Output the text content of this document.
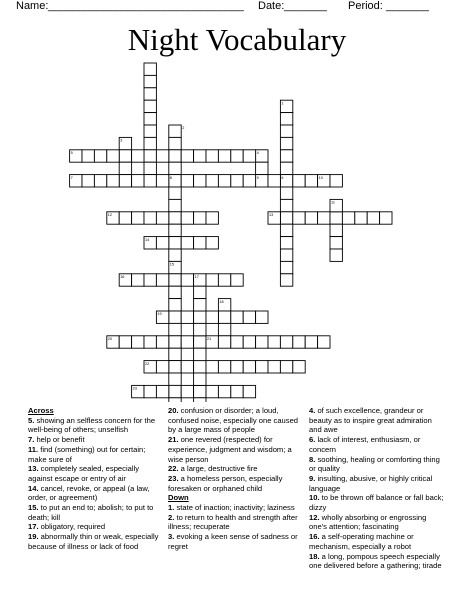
Name: ________________________________ Date: _______ Period: _______
Night Vocabulary
1
2
3
4
5
6
7	8	9	10
11
12	13
14
15
16	17
18
19
20	21
22
23
Across
5. showing an selfless concern for the well-being of others; unselfish
7. help or benefit
11. find (something) out for certain; make sure of
13. completely sealed, especially against escape or entry of air
14. cancel, revoke, or appeal (a law, order, or agreement)
15. to put an end to; abolish; to put to death; kill
17. obligatory, required
19. abnormally thin or weak, especially because of illness or lack of food
20. confusion or disorder; a loud, confused noise, especially one caused by a large mass of people
21. one revered (respected) for experience, judgment and wisdom; a wise person
22. a large, destructive fire
23. a homeless person, especially foresaken or orphaned child
Down
1. state of inaction; inactivity; laziness
2. to return to health and strength after illness; recuperate
3. evoking a keen sense of sadness or regret
4. of such excellence, grandeur or beauty as to inspire great admiration and awe
6. lack of interest, enthusiasm, or concern
8. soothing, healing or comforting thing or quality
9. insulting, abusive, or highly critical language
10. to be thrown off balance or fall back; dizzy
12. wholly absorbing or engrossing one's attention; fascinating
16. a self-operating machine or mechanism, especially a robot
18. a long, pompous speech especially one delivered before a gathering; tirade
